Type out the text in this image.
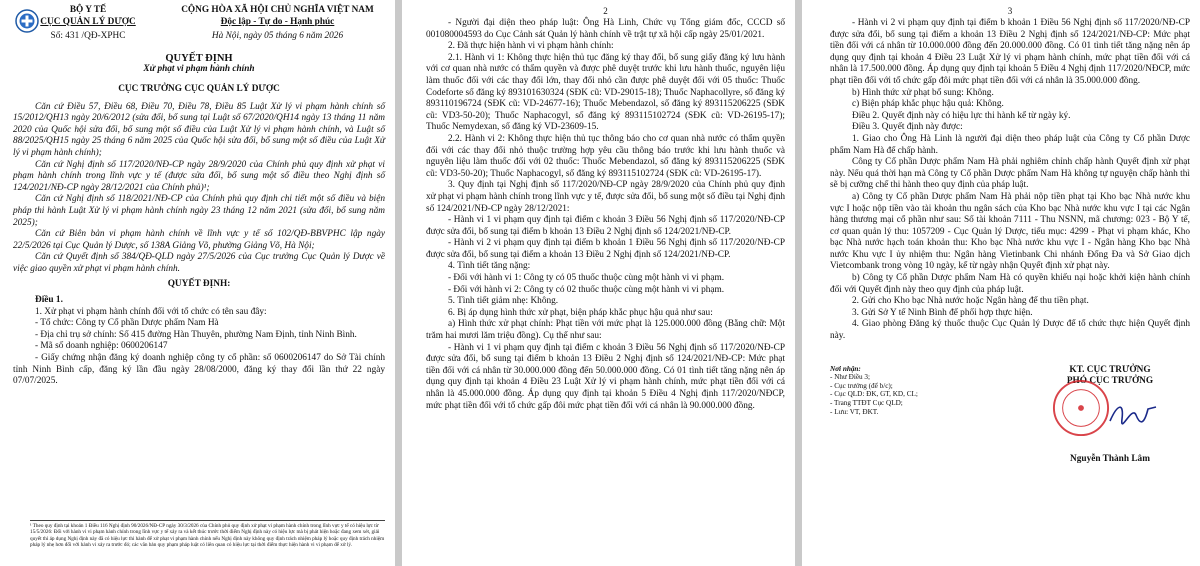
BỘ Y TẾ
CỤC QUẢN LÝ DƯỢC
Số: 431 /QĐ-XPHC
CỘNG HÒA XÃ HỘI CHỦ NGHĨA VIỆT NAM
Độc lập - Tự do - Hạnh phúc
Hà Nội, ngày 05 tháng 6 năm 2026
QUYẾT ĐỊNH
Xử phạt vi phạm hành chính
CỤC TRƯỞNG CỤC QUẢN LÝ DƯỢC

Căn cứ Điều 57, Điều 68, Điều 70, Điều 78, Điều 85 Luật Xử lý vi phạm hành chính số 15/2012/QH13 ngày 20/6/2012 (sửa đổi, bổ sung tại Luật số 67/2020/QH14 ngày 13 tháng 11 năm 2020 của Quốc hội sửa đổi, bổ sung một số điều của Luật Xử lý vi phạm hành chính, và Luật số 88/2025/QH15 ngày 25 tháng 6 năm 2025 của Quốc hội sửa đổi, bổ sung một số điều của Luật Xử lý vi phạm hành chính);

Căn cứ Nghị định số 117/2020/NĐ-CP ngày 28/9/2020 của Chính phủ quy định xử phạt vi phạm hành chính trong lĩnh vực y tế (được sửa đổi, bổ sung một số điều theo Nghị định số 124/2021/NĐ-CP ngày 28/12/2021 của Chính phủ)¹;

Căn cứ Nghị định số 118/2021/NĐ-CP của Chính phủ quy định chi tiết một số điều và biện pháp thi hành Luật Xử lý vi phạm hành chính ngày 23 tháng 12 năm 2021 (sửa đổi, bổ sung năm 2025);

Căn cứ Biên bản vi phạm hành chính về lĩnh vực y tế số 102/QĐ-BBVPHC lập ngày 22/5/2026 tại Cục Quản lý Dược, số 138A Giảng Võ, phường Giảng Võ, Hà Nội;

Căn cứ Quyết định số 384/QĐ-QLD ngày 27/5/2026 của Cục trưởng Cục Quản lý Dược về việc giao quyền xử phạt vi phạm hành chính.

QUYẾT ĐỊNH:

Điều 1.

1. Xử phạt vi phạm hành chính đối với tổ chức có tên sau đây:

- Tổ chức: Công ty Cổ phần Dược phẩm Nam Hà

- Địa chỉ trụ sở chính: Số 415 đường Hàn Thuyên, phường Nam Định, tỉnh Ninh Bình.

- Mã số doanh nghiệp: 0600206147

- Giấy chứng nhận đăng ký doanh nghiệp công ty cổ phần: số 0600206147 do Sở Tài chính tỉnh Ninh Bình cấp, đăng ký lần đầu ngày 28/08/2000, đăng ký thay đổi lần thứ 22 ngày 07/07/2025.

¹ Theo quy định tại khoản 1 Điều 116 Nghị định 90/2026/NĐ-CP ngày 30/3/2026 của Chính phủ quy định xử phạt vi phạm hành chính trong lĩnh vực y tế có hiệu lực từ 15/5/2026: Đối với hành vi vi phạm hành chính trong lĩnh vực y tế xảy ra và kết thúc trước thời điểm Nghị định này có hiệu lực mà bị phát hiện hoặc đang xem xét, giải quyết thì áp dụng Nghị định này đã có hiệu lực thi hành để xử phạt vi phạm hành chính nếu Nghị định này không quy định trách nhiệm pháp lý hoặc quy định trách nhiệm pháp lý nhẹ hơn đối với hành vi xảy ra trước đó; các văn bản quy phạm pháp luật có liên quan có hiệu lực tại thời điểm thực hiện hành vi vi phạm để xử lý.
2

- Người đại diện theo pháp luật: Ông Hà Linh, Chức vụ Tổng giám đốc, CCCD số 001080004593 do Cục Cảnh sát Quản lý hành chính về trật tự xã hội cấp ngày 25/01/2021.

2. Đã thực hiện hành vi vi phạm hành chính:

2.1. Hành vi 1: Không thực hiện thủ tục đăng ký thay đổi, bổ sung giấy đăng ký lưu hành với cơ quan nhà nước có thẩm quyền và được phê duyệt trước khi lưu hành thuốc, nguyên liệu làm thuốc đối với các thay đổi lớn, thay đổi nhỏ cần được phê duyệt đối với 05 thuốc: Thuốc Codeforte số đăng ký 893101630324 (SĐK cũ: VD-29015-18); Thuốc Naphacollyre, số đăng ký 893110196724 (SĐK cũ: VD-24677-16); Thuốc Mebendazol, số đăng ký 893115206225 (SĐK cũ: VD3-50-20); Thuốc Naphacogyl, số đăng ký 893115102724 (SĐK cũ: VD-26195-17); Thuốc Nemydexan, số đăng ký VD-23609-15.

2.2. Hành vi 2: Không thực hiện thủ tục thông báo cho cơ quan nhà nước có thẩm quyền đối với các thay đổi nhỏ thuộc trường hợp yêu cầu thông báo trước khi lưu hành thuốc và nguyên liệu làm thuốc đối với 02 thuốc: Thuốc Mebendazol, số đăng ký 893115206225 (SĐK cũ: VD3-50-20); Thuốc Naphacogyl, số đăng ký 893115102724 (SĐK cũ: VD-26195-17).

3. Quy định tại Nghị định số 117/2020/NĐ-CP ngày 28/9/2020 của Chính phủ quy định xử phạt vi phạm hành chính trong lĩnh vực y tế, được sửa đổi, bổ sung một số điều tại Nghị định số 124/2021/NĐ-CP ngày 28/12/2021:

- Hành vi 1 vi phạm quy định tại điểm c khoản 3 Điều 56 Nghị định số 117/2020/NĐ-CP được sửa đổi, bổ sung tại điểm b khoản 13 Điều 2 Nghị định số 124/2021/NĐ-CP.

- Hành vi 2 vi phạm quy định tại điểm b khoản 1 Điều 56 Nghị định số 117/2020/NĐ-CP được sửa đổi, bổ sung tại điểm a khoản 13 Điều 2 Nghị định số 124/2021/NĐ-CP.

4. Tình tiết tăng nặng:

- Đối với hành vi 1: Công ty có 05 thuốc thuộc cùng một hành vi vi phạm.

- Đối với hành vi 2: Công ty có 02 thuốc thuộc cùng một hành vi vi phạm.

5. Tình tiết giảm nhẹ: Không.

6. Bị áp dụng hình thức xử phạt, biện pháp khắc phục hậu quả như sau:

a) Hình thức xử phạt chính: Phạt tiền với mức phạt là 125.000.000 đồng (Bằng chữ: Một trăm hai mươi lăm triệu đồng). Cụ thể như sau:

- Hành vi 1 vi phạm quy định tại điểm c khoản 3 Điều 56 Nghị định số 117/2020/NĐ-CP được sửa đổi, bổ sung tại điểm b khoản 13 Điều 2 Nghị định số 124/2021/NĐ-CP: Mức phạt tiền đối với cá nhân từ 30.000.000 đồng đến 50.000.000 đồng. Có 01 tình tiết tăng nặng nên áp dụng quy định tại khoản 4 Điều 23 Luật Xử lý vi phạm hành chính, mức phạt tiền đối với cá nhân là 45.000.000 đồng. Áp dụng quy định tại khoản 5 Điều 4 Nghị định 117/2020/NĐCP, mức phạt tiền đối với tổ chức gấp đôi mức phạt tiền đối với cá nhân là 90.000.000 đồng.

3

- Hành vi 2 vi phạm quy định tại điểm b khoản 1 Điều 56 Nghị định số 117/2020/NĐ-CP được sửa đổi, bổ sung tại điểm a khoản 13 Điều 2 Nghị định số 124/2021/NĐ-CP: Mức phạt tiền đối với cá nhân từ 10.000.000 đồng đến 20.000.000 đồng. Có 01 tình tiết tăng nặng nên áp dụng quy định tại khoản 4 Điều 23 Luật Xử lý vi phạm hành chính, mức phạt tiền đối với cá nhân là 17.500.000 đồng. Áp dụng quy định tại khoản 5 Điều 4 Nghị định 117/2020/NĐCP, mức phạt tiền đối với tổ chức gấp đôi mức phạt tiền đối với cá nhân là 35.000.000 đồng.

b) Hình thức xử phạt bổ sung: Không.

c) Biện pháp khắc phục hậu quả: Không.

Điều 2. Quyết định này có hiệu lực thi hành kể từ ngày ký.

Điều 3. Quyết định này được:

1. Giao cho Ông Hà Linh là người đại diện theo pháp luật của Công ty Cổ phần Dược phẩm Nam Hà để chấp hành.

Công ty Cổ phần Dược phẩm Nam Hà phải nghiêm chỉnh chấp hành Quyết định xử phạt này. Nếu quá thời hạn mà Công ty Cổ phần Dược phẩm Nam Hà không tự nguyện chấp hành thì sẽ bị cưỡng chế thi hành theo quy định của pháp luật.

a) Công ty Cổ phần Dược phẩm Nam Hà phải nộp tiền phạt tại Kho bạc Nhà nước khu vực I hoặc nộp tiền vào tài khoản thu ngân sách của Kho bạc Nhà nước khu vực I tại các Ngân hàng thương mại cổ phần như sau: Số tài khoản 7111 - Thu NSNN, mã chương: 023 - Bộ Y tế, cơ quan quản lý thu: 1057209 - Cục Quản lý Dược, tiểu mục: 4299 - Phạt vi phạm khác, Kho bạc Nhà nước hạch toán khoản thu: Kho bạc Nhà nước khu vực I - Ngân hàng Kho bạc Nhà nước Khu vực I ủy nhiệm thu: Ngân hàng Vietinbank Chi nhánh Đống Đa và Sở Giao dịch Vietcombank trong vòng 10 ngày, kể từ ngày nhận Quyết định xử phạt này.

b) Công ty Cổ phần Dược phẩm Nam Hà có quyền khiếu nại hoặc khởi kiện hành chính đối với Quyết định này theo quy định của pháp luật.

2. Gửi cho Kho bạc Nhà nước hoặc Ngân hàng để thu tiền phạt.

3. Gửi Sở Y tế Ninh Bình để phối hợp thực hiện.

4. Giao phòng Đăng ký thuốc thuộc Cục Quản lý Dược để tổ chức thực hiện Quyết định này.

Nơi nhận:
- Như Điều 3;
- Cục trưởng (để b/c);
- Cục QLD: ĐK, GT, KD, CL;
- Trang TTĐT Cục QLD;
- Lưu: VT, ĐKT.
KT. CỤC TRƯỞNG
PHÓ CỤC TRƯỞNG
Nguyễn Thành Lâm
